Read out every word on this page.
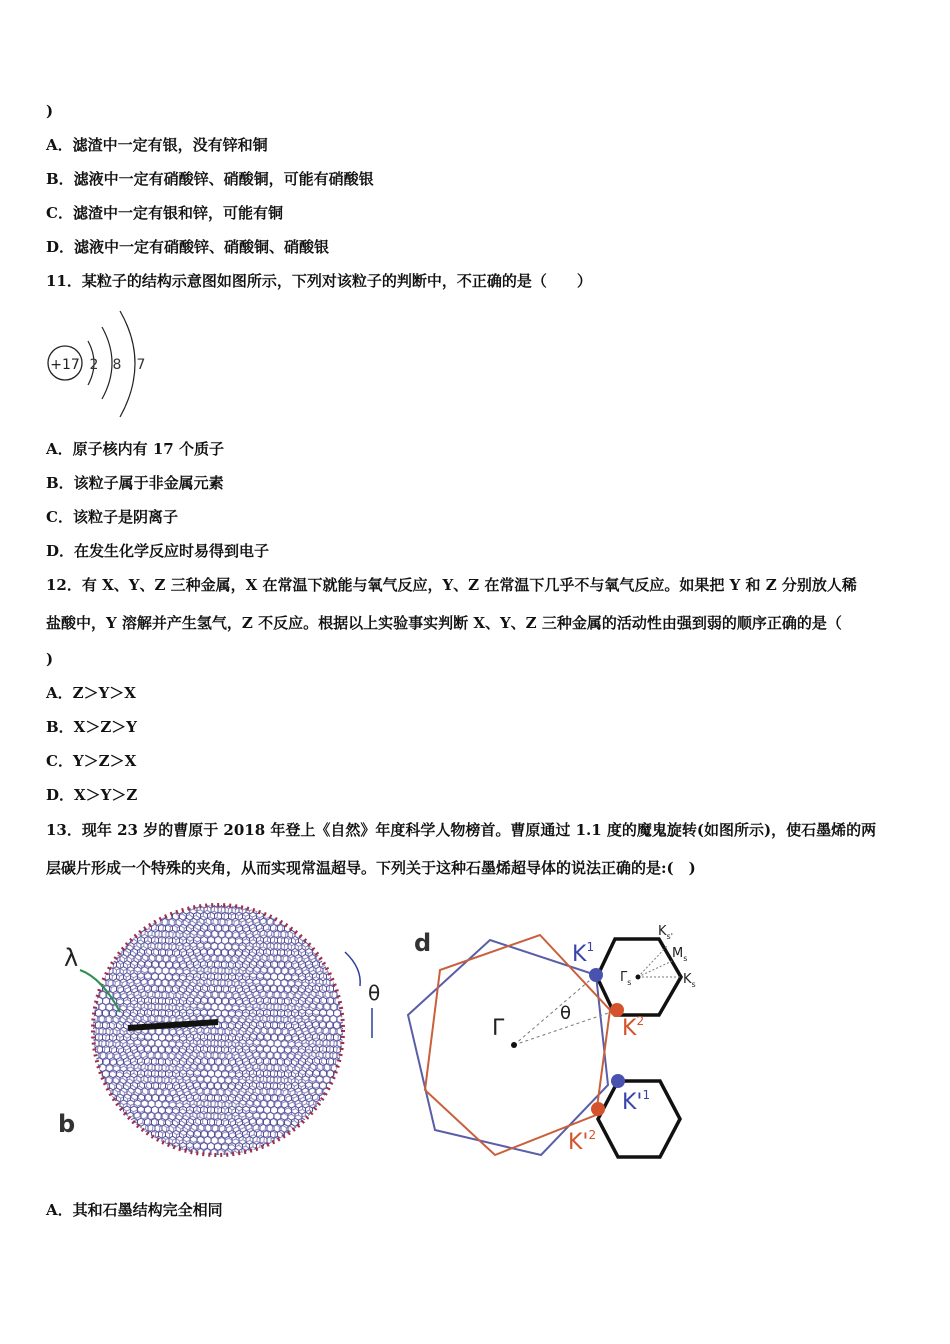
)
A．滤渣中一定有银，没有锌和铜
B．滤液中一定有硝酸锌、硝酸铜，可能有硝酸银
C．滤渣中一定有银和锌，可能有铜
D．滤液中一定有硝酸锌、硝酸铜、硝酸银
11．某粒子的结构示意图如图所示，下列对该粒子的判断中，不正确的是（　　）
+17 2 8 7
A．原子核内有 17 个质子
B．该粒子属于非金属元素
C．该粒子是阴离子
D．在发生化学反应时易得到电子
12．有 X、Y、Z 三种金属，X 在常温下就能与氧气反应，Y、Z 在常温下几乎不与氧气反应。如果把 Y 和 Z 分别放人稀
盐酸中，Y 溶解并产生氢气，Z 不反应。根据以上实验事实判断 X、Y、Z 三种金属的活动性由强到弱的顺序正确的是（
)
A．Z＞Y＞X
B．X＞Z＞Y
C．Y＞Z＞X
D．X＞Y＞Z
13．现年 23 岁的曹原于 2018 年登上《自然》年度科学人物榜首。曹原通过 1.1 度的魔鬼旋转(如图所示)，使石墨烯的两
层碳片形成一个特殊的夹角，从而实现常温超导。下列关于这种石墨烯超导体的说法正确的是:(　)
λ
θ
b
d
Γ
θ
$K^1$
$K^2$
$K'^1$
$K'^2$
$\Gamma_s$	$K_s$
$M_s$
$K_{s'}$
A．其和石墨结构完全相同
